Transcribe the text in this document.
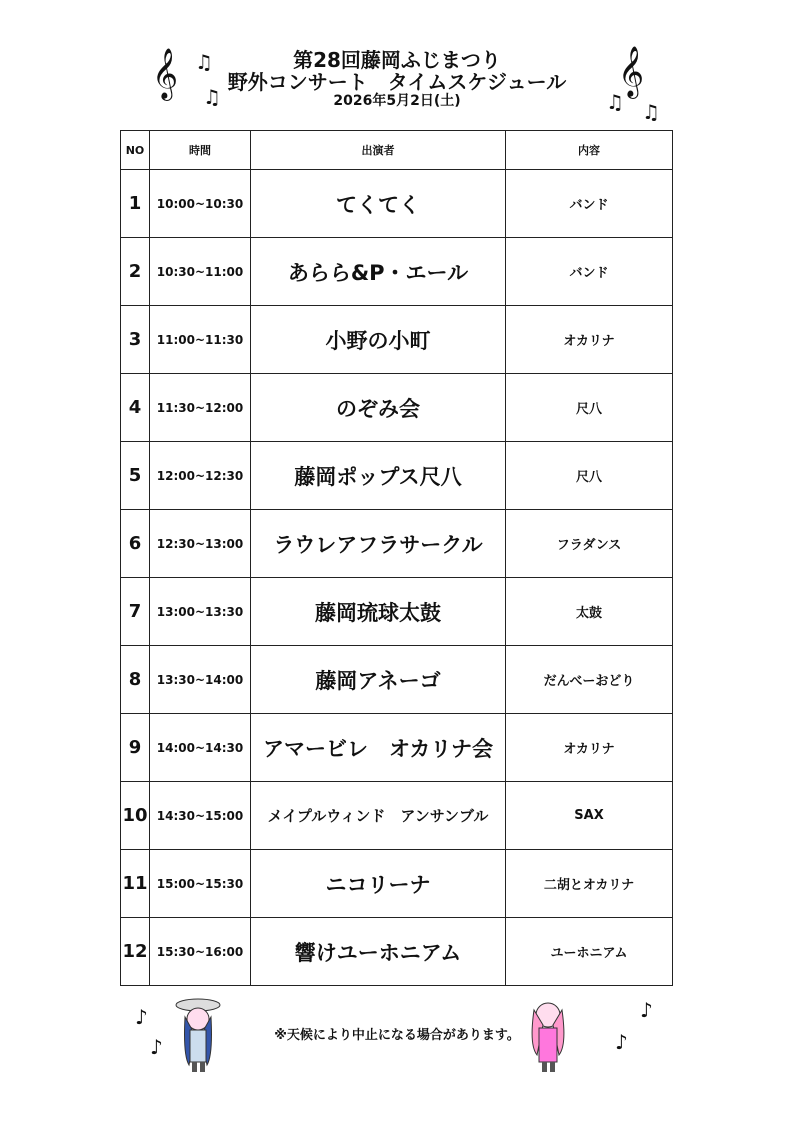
𝄞 ♫
♫	𝄞
♫ ♫
第28回藤岡ふじまつり
野外コンサート　タイムスケジュール
2026年5月2日(土)
NO	時間	出演者	内容
1	10:00~10:30	てくてく	バンド
2	10:30~11:00	あらら&P・エール	バンド
3	11:00~11:30	小野の小町	オカリナ
4	11:30~12:00	のぞみ会	尺八
5	12:00~12:30	藤岡ポップス尺八	尺八
6	12:30~13:00	ラウレアフラサークル	フラダンス
7	13:00~13:30	藤岡琉球太鼓	太鼓
8	13:30~14:00	藤岡アネーゴ	だんべーおどり
9	14:00~14:30	アマービレ　オカリナ会	オカリナ
10	14:30~15:00	メイプルウィンド　アンサンブル	SAX
11	15:00~15:30	ニコリーナ	二胡とオカリナ
12	15:30~16:00	響けユーホニアム	ユーホニアム
♪
♪
♪
♪
※天候により中止になる場合があります。
